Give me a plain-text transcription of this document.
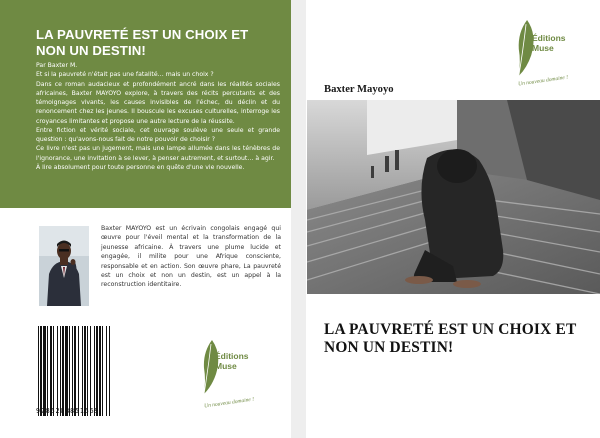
LA PAUVRETÉ EST UN CHOIX ET NON UN DESTIN!

Par Baxter M.

Et si la pauvreté n'était pas une fatalité… mais un choix ?

Dans ce roman audacieux et profondément ancré dans les réalités sociales africaines, Baxter MAYOYO explore, à travers des récits percutants et des témoignages vivants, les causes invisibles de l'échec, du déclin et du renoncement chez les jeunes. Il bouscule les excuses culturelles, interroge les croyances limitantes et propose une autre lecture de la réussite.

Entre fiction et vérité sociale, cet ouvrage soulève une seule et grande question : qu'avons-nous fait de notre pouvoir de choisir ?

Ce livre n'est pas un jugement, mais une lampe allumée dans les ténèbres de l'ignorance, une invitation à se lever, à penser autrement, et surtout… à agir.

À lire absolument pour toute personne en quête d'une vie nouvelle.

Baxter MAYOYO est un écrivain congolais engagé qui œuvre pour l'éveil mental et la transformation de la jeunesse africaine. À travers une plume lucide et engagée, il milite pour une Afrique consciente, responsable et en action. Son œuvre phare, La pauvreté est un choix et non un destin, est un appel à la reconstruction identitaire.
9786208851569
Éditions
Muse
Un nouveau domaine !
Éditions
Muse
Un nouveau domaine !
Baxter Mayoyo
LA PAUVRETÉ EST UN CHOIX ET NON UN DESTIN!
